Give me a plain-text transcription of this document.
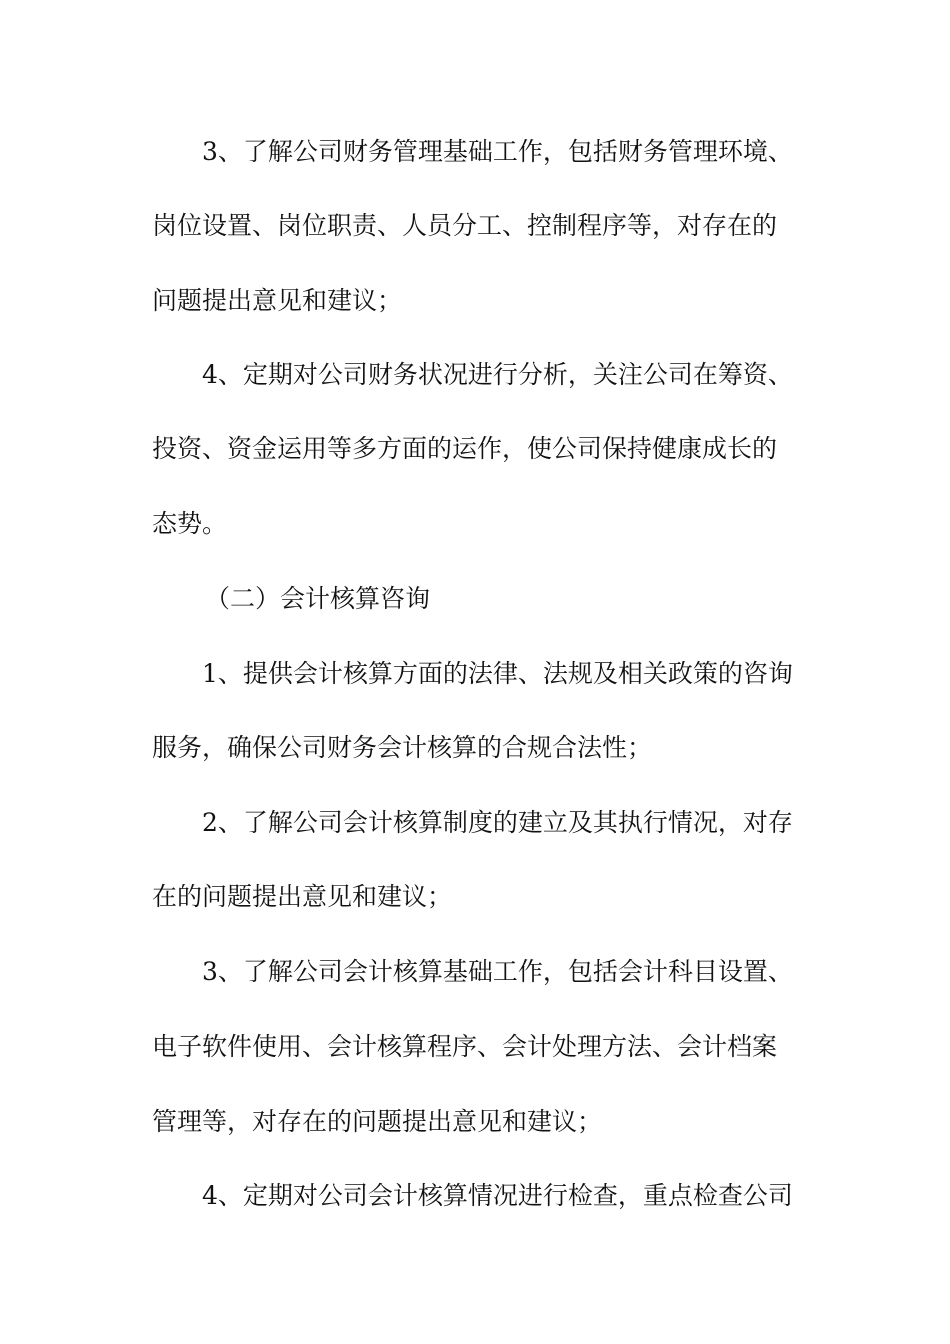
3、了解公司财务管理基础工作，包括财务管理环境、
岗位设置、岗位职责、人员分工、控制程序等，对存在的
问题提出意见和建议；
4、定期对公司财务状况进行分析，关注公司在筹资、
投资、资金运用等多方面的运作，使公司保持健康成长的
态势。
（二）会计核算咨询
1、提供会计核算方面的法律、法规及相关政策的咨询
服务，确保公司财务会计核算的合规合法性；
2、了解公司会计核算制度的建立及其执行情况，对存
在的问题提出意见和建议；
3、了解公司会计核算基础工作，包括会计科目设置、
电子软件使用、会计核算程序、会计处理方法、会计档案
管理等，对存在的问题提出意见和建议；
4、定期对公司会计核算情况进行检查，重点检查公司
